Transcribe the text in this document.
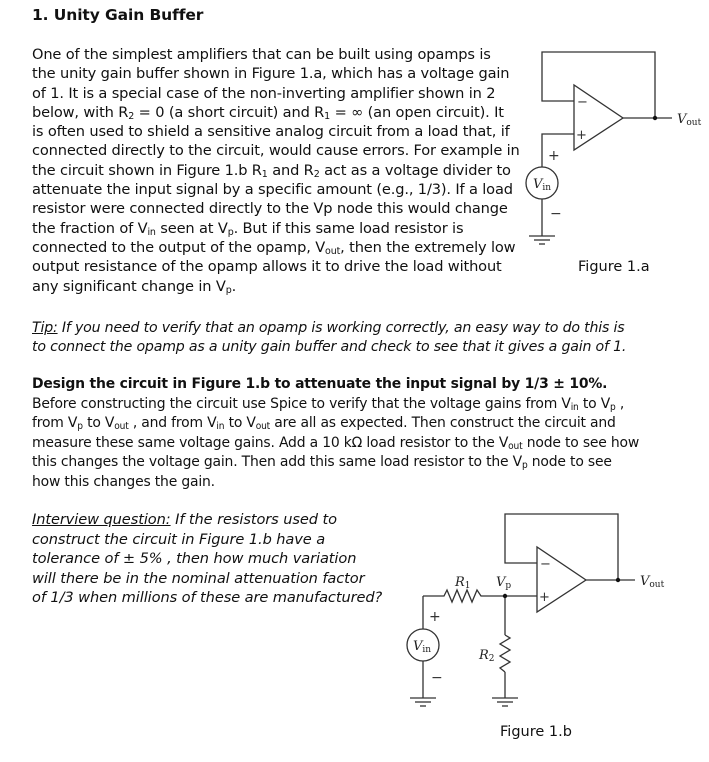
1. Unity Gain Buffer
One of the simplest amplifiers that can be built using opamps is
the unity gain buffer shown in Figure 1.a, which has a voltage gain
of 1. It is a special case of the non-inverting amplifier shown in 2
below, with $R_2 = 0$ (a short circuit) and $R_1$ = ∞ (an open circuit). It
is often used to shield a sensitive analog circuit from a load that, if
connected directly to the circuit, would cause errors. For example in
the circuit shown in Figure 1.b $R_1$ and $R_2$ act as a voltage divider to
attenuate the input signal by a specific amount (e.g., 1/3). If a load
resistor were connected directly to the Vp node this would change
the fraction of $V_{in}$ seen at $V_p$. But if this same load resistor is
connected to the output of the opamp, $V_{out}$, then the extremely low
output resistance of the opamp allows it to drive the load without
any significant change in $V_p$.
Tip: If you need to verify that an opamp is working correctly, an easy way to do this is
to connect the opamp as a unity gain buffer and check to see that it gives a gain of 1.
Design the circuit in Figure 1.b to attenuate the input signal by 1/3 ± 10%.
Before constructing the circuit use Spice to verify that the voltage gains from $V_{in}$ to $V_p$ ,
from $V_p$ to $V_{out}$ , and from $V_{in}$ to $V_{out}$ are all as expected. Then construct the circuit and
measure these same voltage gains. Add a 10 kΩ load resistor to the $V_{out}$ node to see how
this changes the voltage gain. Then add this same load resistor to the $V_p$ node to see
how this changes the gain.
Interview question: If the resistors used to
construct the circuit in Figure 1.b have a
tolerance of ± 5% , then how much variation
will there be in the nominal attenuation factor
of 1/3 when millions of these are manufactured?
−
+
+
−
Vin
Vout
Figure 1.a
−
+
+
−
Vin
R1 Vp
R2
Vout
Figure 1.b
